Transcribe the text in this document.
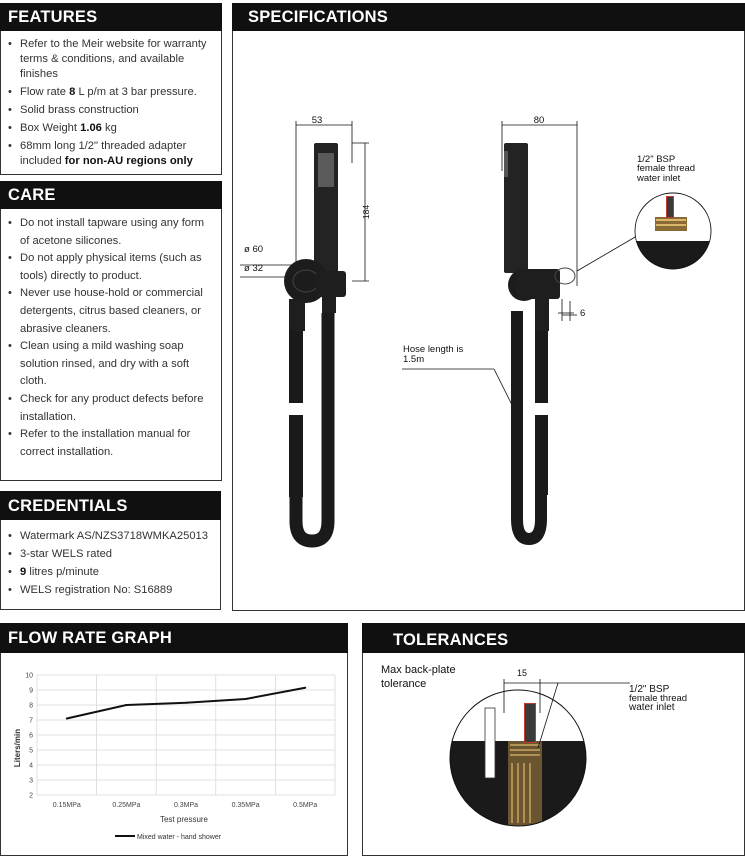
FEATURES
• Refer to the Meir website for warranty terms & conditions, and available finishes
• Flow rate 8 L p/m at 3 bar pressure.
• Solid brass construction
• Box Weight 1.06 kg
• 68mm long 1/2" threaded adapter included for non-AU regions only
CARE
• Do not install tapware using any form of acetone silicones.
• Do not apply physical items (such as tools) directly to product.
• Never use house-hold or commercial detergents, citrus based cleaners, or abrasive cleaners.
• Clean using a mild washing soap solution rinsed, and dry with a soft cloth.
• Check for any product defects before installation.
• Refer to the installation manual for correct installation.
CREDENTIALS
• Watermark AS/NZS3718WMKA25013
• 3-star WELS rated
• 9 litres p/minute
• WELS registration No: S16889
SPECIFICATIONS
53
184
ø 60
ø 32
80
6
1/2" BSP
female thread
water inlet
Hose length is
1.5m
FLOW RATE GRAPH
2
3
4
5
6
7
8
9
10
0.15MPa	0.25MPa	0.3MPa	0.35MPa	0.5MPa
Liters/min
Test pressure
Mixed water - hand shower
TOLERANCES
Max back-plate
tolerance
15
1/2" BSP
female thread
water inlet
